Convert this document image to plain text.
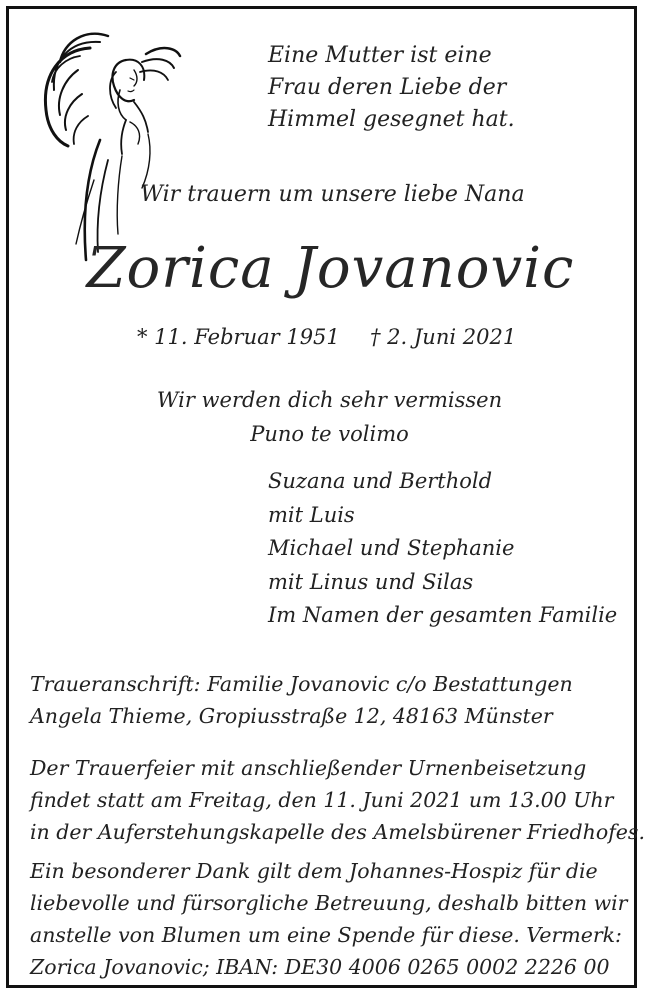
Eine Mutter ist eine
Frau deren Liebe der
Himmel gesegnet hat.
Wir trauern um unsere liebe Nana
Zorica Jovanovic
* 11. Februar 1951 † 2. Juni 2021
Wir werden dich sehr vermissen
Puno te volimo
Suzana und Berthold
mit Luis
Michael und Stephanie
mit Linus und Silas
Im Namen der gesamten Familie
Traueranschrift: Familie Jovanovic c/o Bestattungen
Angela Thieme, Gropiusstraße 12, 48163 Münster
Der Trauerfeier mit anschließender Urnenbeisetzung
findet statt am Freitag, den 11. Juni 2021 um 13.00 Uhr
in der Auferstehungskapelle des Amelsbürener Friedhofes.
Ein besonderer Dank gilt dem Johannes-Hospiz für die
liebevolle und fürsorgliche Betreuung, deshalb bitten wir
anstelle von Blumen um eine Spende für diese. Vermerk:
Zorica Jovanovic; IBAN: DE30 4006 0265 0002 2226 00
